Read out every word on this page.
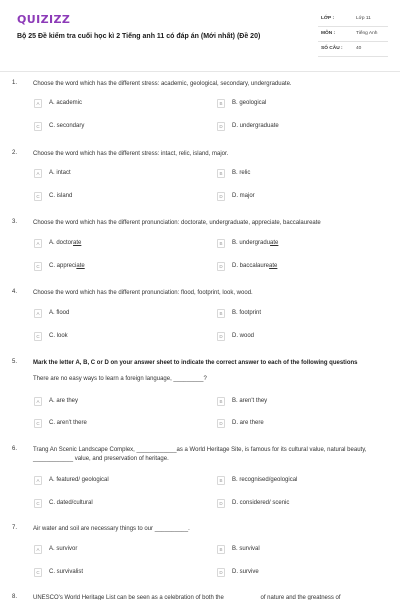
QUIZIZZ
Bộ 25 Đề kiểm tra cuối học kì 2 Tiếng anh 11 có đáp án (Mới nhất) (Đề 20)
LỚP :	Lớp 11
MÔN :	Tiếng Anh
SỐ CÂU :	40
1.	Choose the word which has the different stress: academic, geological, secondary, undergraduate.
A	A. academic	B	B. geological
C	C. secondary	D	D. undergraduate
2.	Choose the word which has the different stress: intact, relic, island, major.
A	A. intact	B	B. relic
C	C. island	D	D. major
3.	Choose the word which has the different pronunciation: doctorate, undergraduate, appreciate, baccalaureate
A	A. doctorate	B	B. undergraduate
C	C. appreciate	D	D. baccalaureate
4.	Choose the word which has the different pronunciation: flood, footprint, look, wood.
A	A. flood	B	B. footprint
C	C. look	D	D. wood
5.	Mark the letter A, B, C or D on your answer sheet to indicate the correct answer to each of the following questions
There are no easy ways to learn a foreign language, _________?
A	A. are they	B	B. aren't they
C	C. aren't there	D	D. are there
6.	Trang An Scenic Landscape Complex, ____________as a World Heritage Site, is famous for its cultural value, natural beauty, ____________ value, and preservation of heritage.
A	A. featured/ geological	B	B. recognised/geological
C	C. dated/cultural	D	D. considered/ scenic
7.	Air water and soil are necessary things to our __________.
A	A. survivor	B	B. survival
C	C. survivalist	D	D. survive
8.	UNESCO's World Heritage List can be seen as a celebration of both the __________ of nature and the greatness of
